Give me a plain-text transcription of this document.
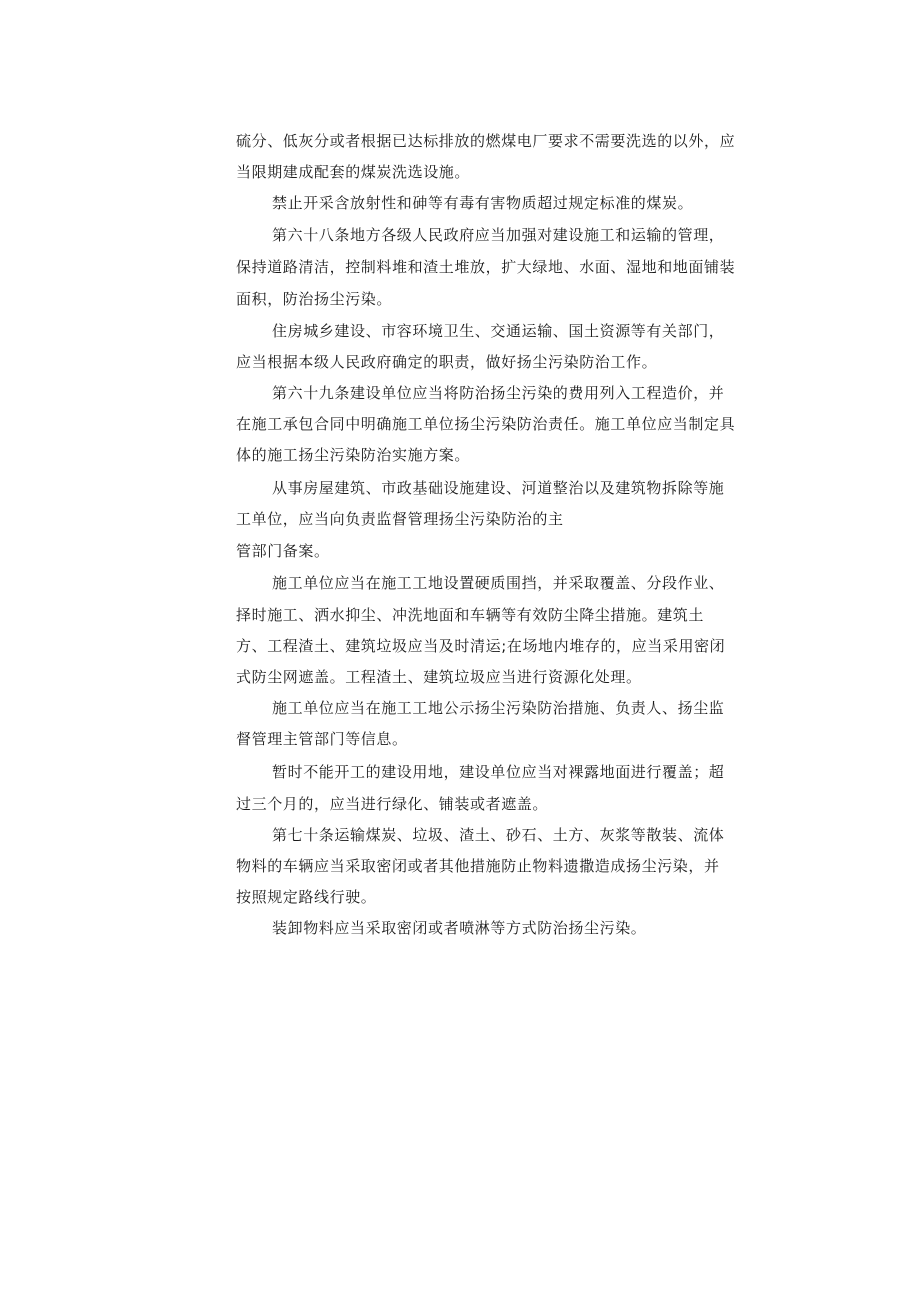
硫分、低灰分或者根据已达标排放的燃煤电厂要求不需要洗选的以外，应
当限期建成配套的煤炭洗选设施。
禁止开采含放射性和砷等有毒有害物质超过规定标准的煤炭。
第六十八条地方各级人民政府应当加强对建设施工和运输的管理，
保持道路清洁，控制料堆和渣土堆放，扩大绿地、水面、湿地和地面铺装
面积，防治扬尘污染。
住房城乡建设、市容环境卫生、交通运输、国土资源等有关部门，
应当根据本级人民政府确定的职责，做好扬尘污染防治工作。
第六十九条建设单位应当将防治扬尘污染的费用列入工程造价，并
在施工承包合同中明确施工单位扬尘污染防治责任。施工单位应当制定具
体的施工扬尘污染防治实施方案。
从事房屋建筑、市政基础设施建设、河道整治以及建筑物拆除等施
工单位，应当向负责监督管理扬尘污染防治的主
管部门备案。
施工单位应当在施工工地设置硬质围挡，并采取覆盖、分段作业、
择时施工、洒水抑尘、冲洗地面和车辆等有效防尘降尘措施。建筑土
方、工程渣土、建筑垃圾应当及时清运;在场地内堆存的，应当采用密闭
式防尘网遮盖。工程渣土、建筑垃圾应当进行资源化处理。
施工单位应当在施工工地公示扬尘污染防治措施、负责人、扬尘监
督管理主管部门等信息。
暂时不能开工的建设用地，建设单位应当对裸露地面进行覆盖；超
过三个月的，应当进行绿化、铺装或者遮盖。
第七十条运输煤炭、垃圾、渣土、砂石、土方、灰浆等散装、流体
物料的车辆应当采取密闭或者其他措施防止物料遗撒造成扬尘污染，并
按照规定路线行驶。
装卸物料应当采取密闭或者喷淋等方式防治扬尘污染。
